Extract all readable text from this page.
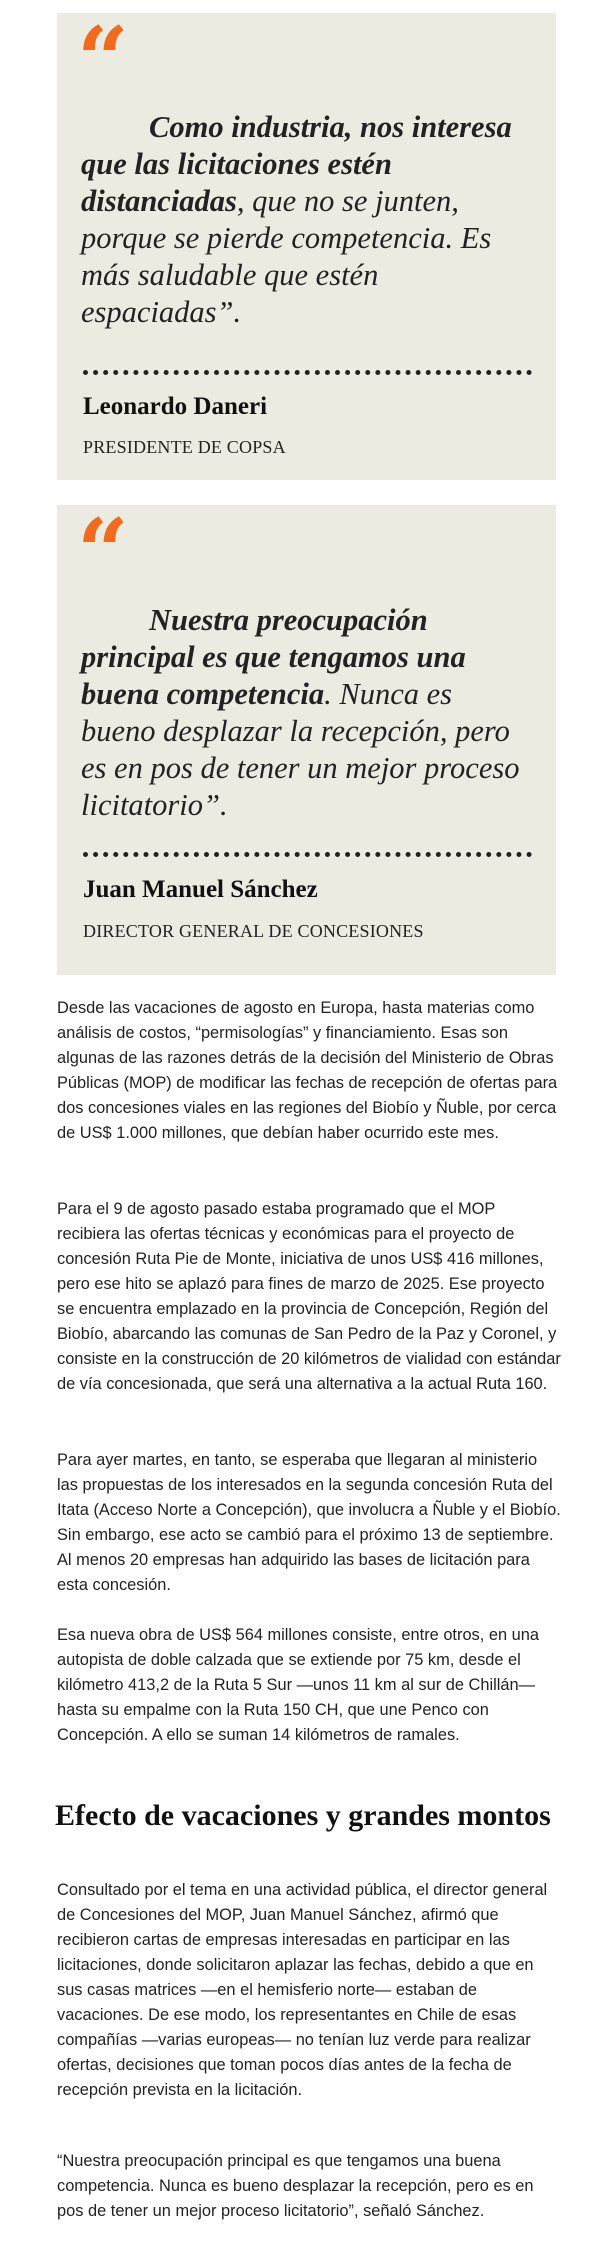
“
Como industria, nos interesa que las licitaciones estén distanciadas, que no se junten, porque se pierde competencia. Es más saludable que estén espaciadas”.
Leonardo Daneri
PRESIDENTE DE COPSA
“
Nuestra preocupación principal es que tengamos una buena competencia. Nunca es bueno desplazar la recepción, pero es en pos de tener un mejor proceso licitatorio”.
Juan Manuel Sánchez
DIRECTOR GENERAL DE CONCESIONES

Desde las vacaciones de agosto en Europa, hasta materias como análisis de costos, “permisologías” y financiamiento. Esas son algunas de las razones detrás de la decisión del Ministerio de Obras Públicas (MOP) de modificar las fechas de recepción de ofertas para dos concesiones viales en las regiones del Biobío y Ñuble, por cerca de US$ 1.000 millones, que debían haber ocurrido este mes.

Para el 9 de agosto pasado estaba programado que el MOP recibiera las ofertas técnicas y económicas para el proyecto de concesión Ruta Pie de Monte, iniciativa de unos US$ 416 millones, pero ese hito se aplazó para fines de marzo de 2025. Ese proyecto se encuentra emplazado en la provincia de Concepción, Región del Biobío, abarcando las comunas de San Pedro de la Paz y Coronel, y consiste en la construcción de 20 kilómetros de vialidad con estándar de vía concesionada, que será una alternativa a la actual Ruta 160.

Para ayer martes, en tanto, se esperaba que llegaran al ministerio las propuestas de los interesados en la segunda concesión Ruta del Itata (Acceso Norte a Concepción), que involucra a Ñuble y el Biobío. Sin embargo, ese acto se cambió para el próximo 13 de septiembre. Al menos 20 empresas han adquirido las bases de licitación para esta concesión.

Esa nueva obra de US$ 564 millones consiste, entre otros, en una autopista de doble calzada que se extiende por 75 km, desde el kilómetro 413,2 de la Ruta 5 Sur —unos 11 km al sur de Chillán— hasta su empalme con la Ruta 150 CH, que une Penco con Concepción. A ello se suman 14 kilómetros de ramales.

Efecto de vacaciones y grandes montos

Consultado por el tema en una actividad pública, el director general de Concesiones del MOP, Juan Manuel Sánchez, afirmó que recibieron cartas de empresas interesadas en participar en las licitaciones, donde solicitaron aplazar las fechas, debido a que en sus casas matrices —en el hemisferio norte— estaban de vacaciones. De ese modo, los representantes en Chile de esas compañías —varias europeas— no tenían luz verde para realizar ofertas, decisiones que toman pocos días antes de la fecha de recepción prevista en la licitación.

“Nuestra preocupación principal es que tengamos una buena competencia. Nunca es bueno desplazar la recepción, pero es en pos de tener un mejor proceso licitatorio”, señaló Sánchez.
